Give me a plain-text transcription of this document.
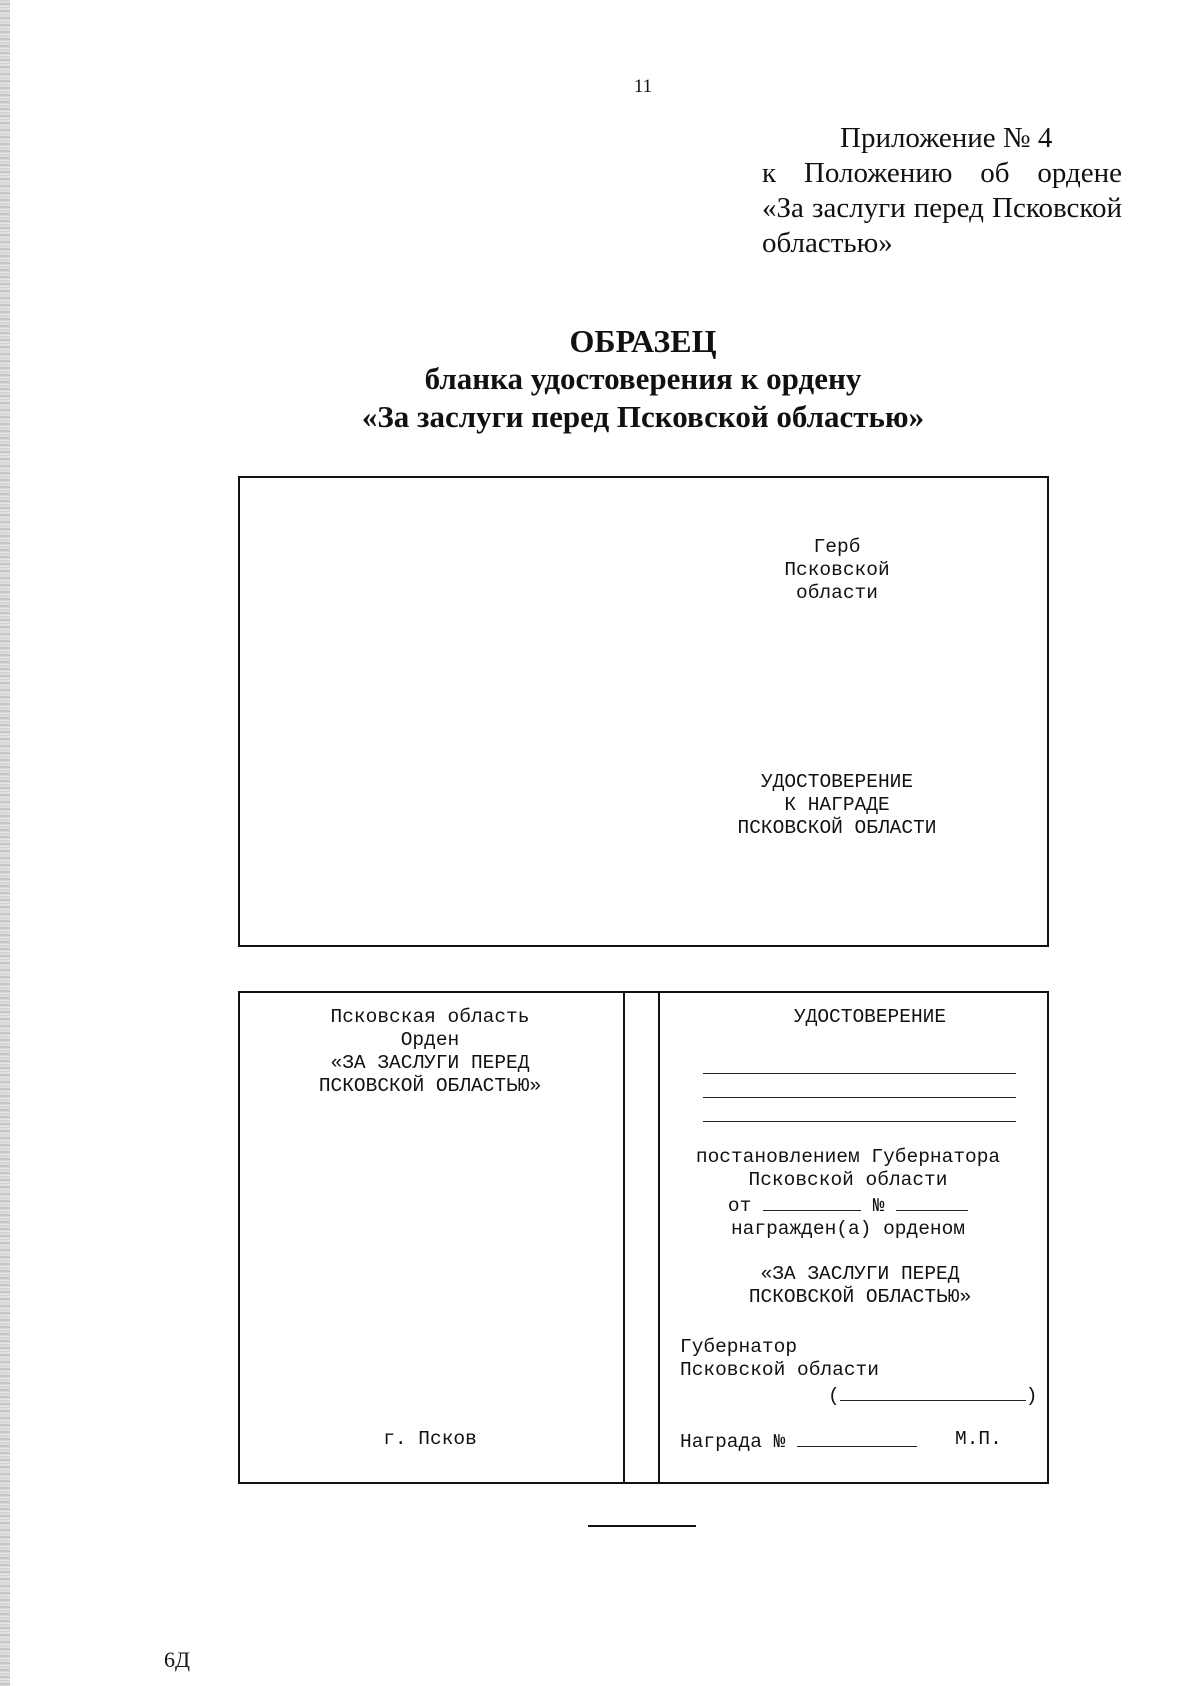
11
Приложение № 4
к Положению об ордене
«За заслуги перед Псковской
областью»
ОБРАЗЕЦ
бланка удостоверения к ордену
«За заслуги перед Псковской областью»
Герб
Псковской
области
УДОСТОВЕРЕНИЕ
К НАГРАДЕ
ПСКОВСКОЙ ОБЛАСТИ
Псковская область
Орден
«ЗА ЗАСЛУГИ ПЕРЕД
ПСКОВСКОЙ ОБЛАСТЬЮ»
г. Псков
УДОСТОВЕРЕНИЕ
постановлением Губернатора
Псковской области
от	№
награжден(а) орденом
«ЗА ЗАСЛУГИ ПЕРЕД
ПСКОВСКОЙ ОБЛАСТЬЮ»
Губернатор
Псковской области
(	)
Награда №	М.П.
6Д
